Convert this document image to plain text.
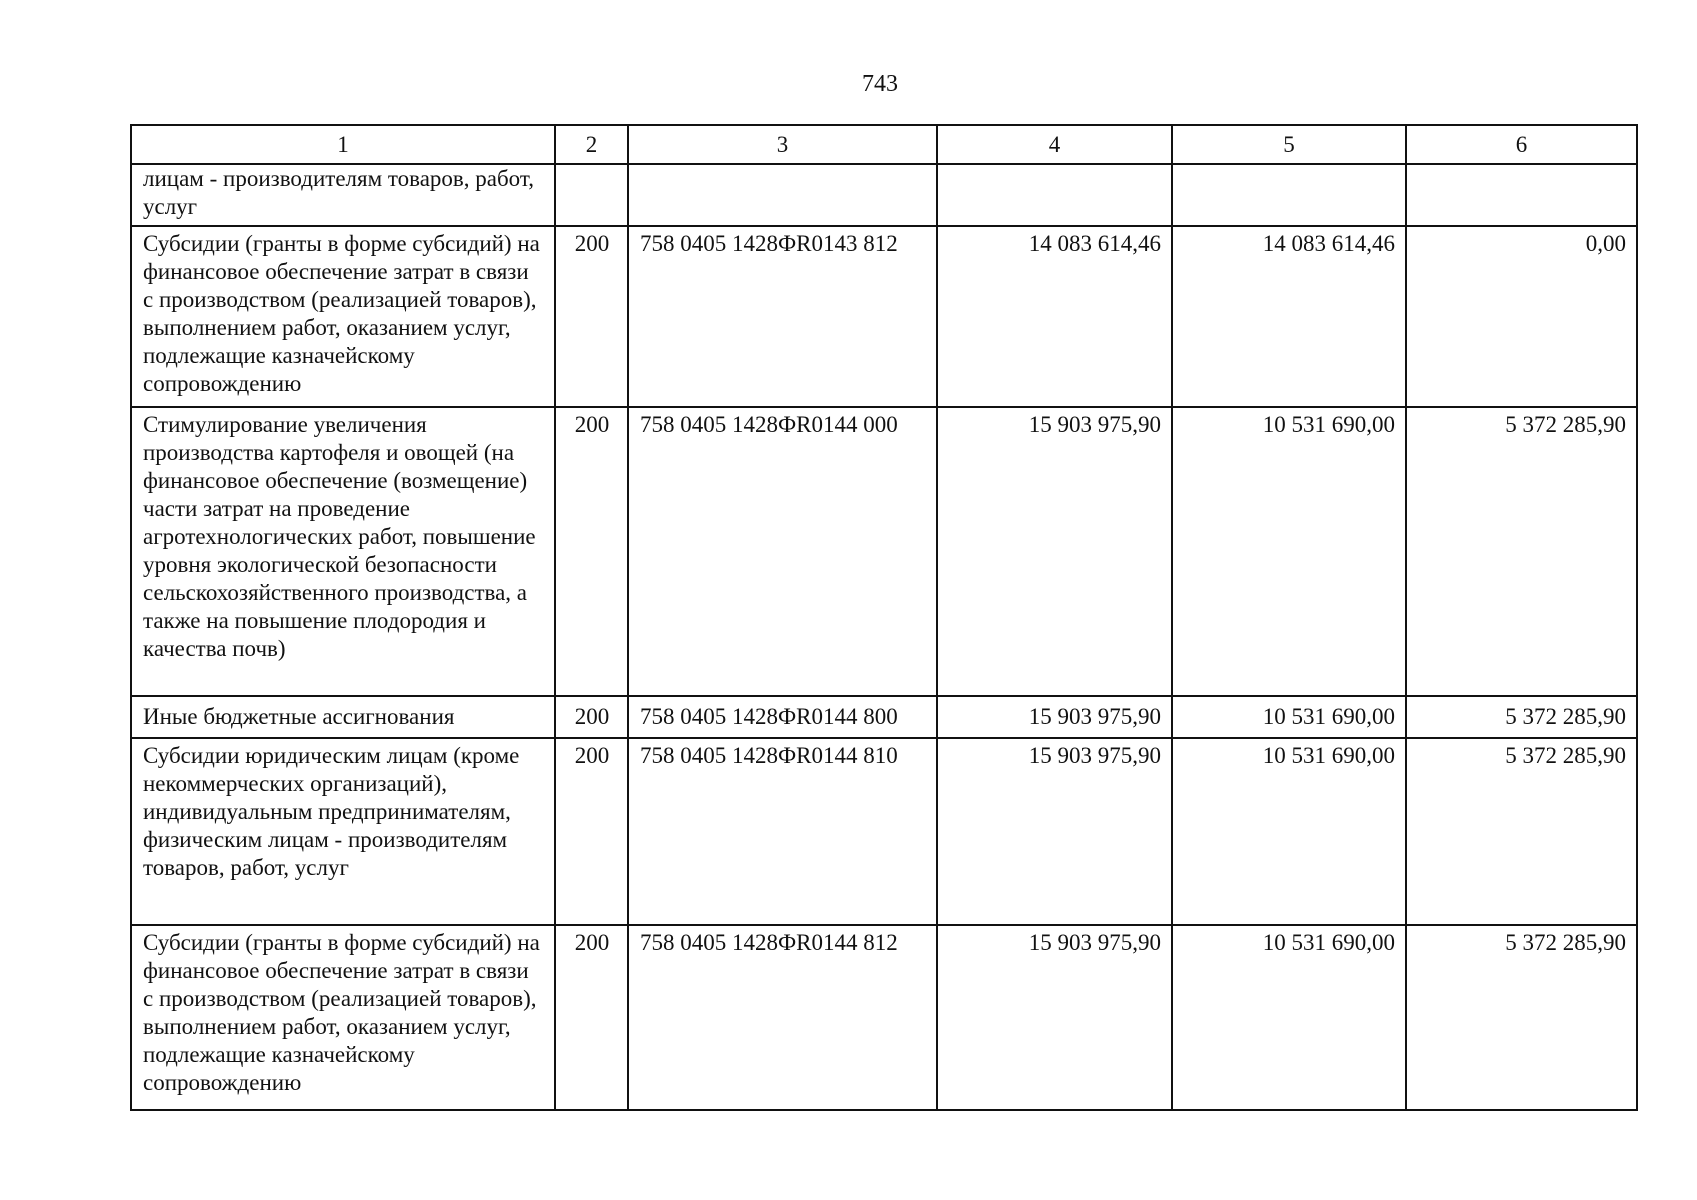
743
1	2	3	4	5	6
лицам - производителям товаров, работ, услуг					
Субсидии (гранты в форме субсидий) на финансовое обеспечение затрат в связи с производством (реализацией товаров), выполнением работ, оказанием услуг, подлежащие казначейскому сопровождению	200	758 0405 1428ФR0143 812	14 083 614,46	14 083 614,46	0,00
Стимулирование увеличения производства картофеля и овощей (на финансовое обеспечение (возмещение) части затрат на проведение агротехнологических работ, повышение уровня экологической безопасности сельскохозяйственного производства, а также на повышение плодородия и качества почв)	200	758 0405 1428ФR0144 000	15 903 975,90	10 531 690,00	5 372 285,90
Иные бюджетные ассигнования	200	758 0405 1428ФR0144 800	15 903 975,90	10 531 690,00	5 372 285,90
Субсидии юридическим лицам (кроме некоммерческих организаций), индивидуальным предпринимателям, физическим лицам - производителям товаров, работ, услуг	200	758 0405 1428ФR0144 810	15 903 975,90	10 531 690,00	5 372 285,90
Субсидии (гранты в форме субсидий) на финансовое обеспечение затрат в связи с производством (реализацией товаров), выполнением работ, оказанием услуг, подлежащие казначейскому сопровождению	200	758 0405 1428ФR0144 812	15 903 975,90	10 531 690,00	5 372 285,90
